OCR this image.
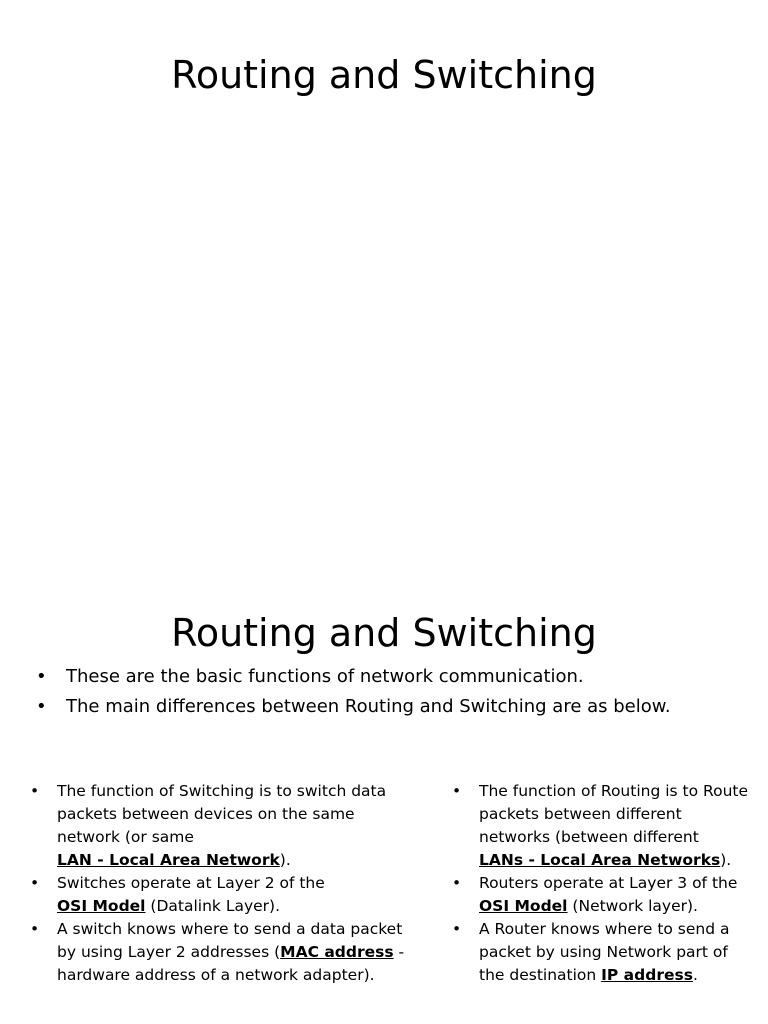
Routing and Switching
Routing and Switching
• These are the basic functions of network communication.
• The main differences between Routing and Switching are as below.
• The function of Switching is to switch data packets between devices on the same network (or same
LAN - Local Area Network).
• Switches operate at Layer 2 of the
OSI Model (Datalink Layer).
• A switch knows where to send a data packet by using Layer 2 addresses (MAC address - hardware address of a network adapter).
• The function of Routing is to Route packets between different networks (between different
LANs - Local Area Networks).
• Routers operate at Layer 3 of the
OSI Model (Network layer).
• A Router knows where to send a packet by using Network part of the destination IP address.
